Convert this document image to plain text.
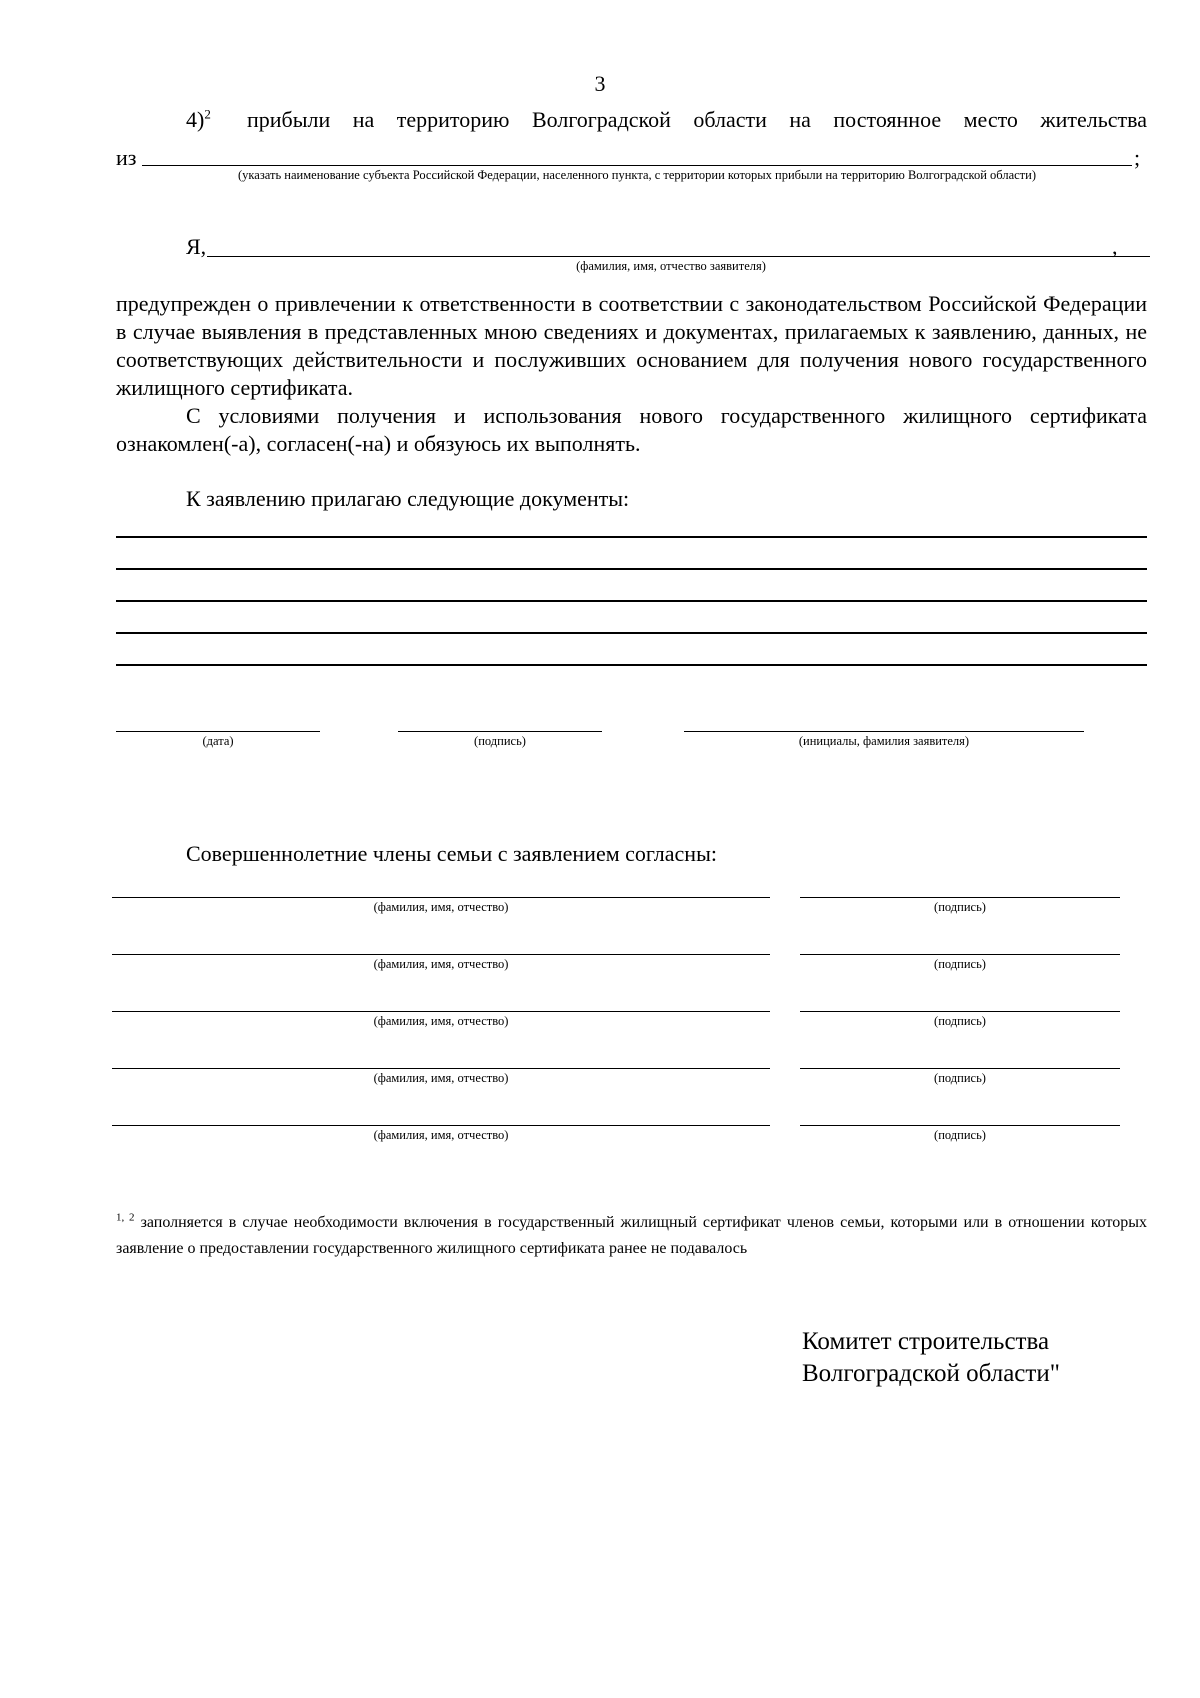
3
4)$^2$ прибыли на территорию Волгоградской области на постоянное место жительства
из	;
(указать наименование субъекта Российской Федерации, населенного пункта, с территории которых прибыли на территорию Волгоградской области)
Я,	,
(фамилия, имя, отчество заявителя)
предупрежден о привлечении к ответственности в соответствии с законодательством Российской Федерации в случае выявления в представленных мною сведениях и документах, прилагаемых к заявлению, данных, не соответствующих действительности и послуживших основанием для получения нового государственного жилищного сертификата.
С условиями получения и использования нового государственного жилищного сертификата ознакомлен(-а), согласен(-на) и обязуюсь их выполнять.
К заявлению прилагаю следующие документы:
(дата)	(подпись)	(инициалы, фамилия заявителя)
Совершеннолетние члены семьи с заявлением согласны:
(фамилия, имя, отчество)	(подпись)
(фамилия, имя, отчество)	(подпись)
(фамилия, имя, отчество)	(подпись)
(фамилия, имя, отчество)	(подпись)
(фамилия, имя, отчество)	(подпись)
$^{1, 2}$ заполняется в случае необходимости включения в государственный жилищный сертификат членов семьи, которыми или в отношении которых заявление о предоставлении государственного жилищного сертификата ранее не подавалось
Комитет строительства
Волгоградской области"
